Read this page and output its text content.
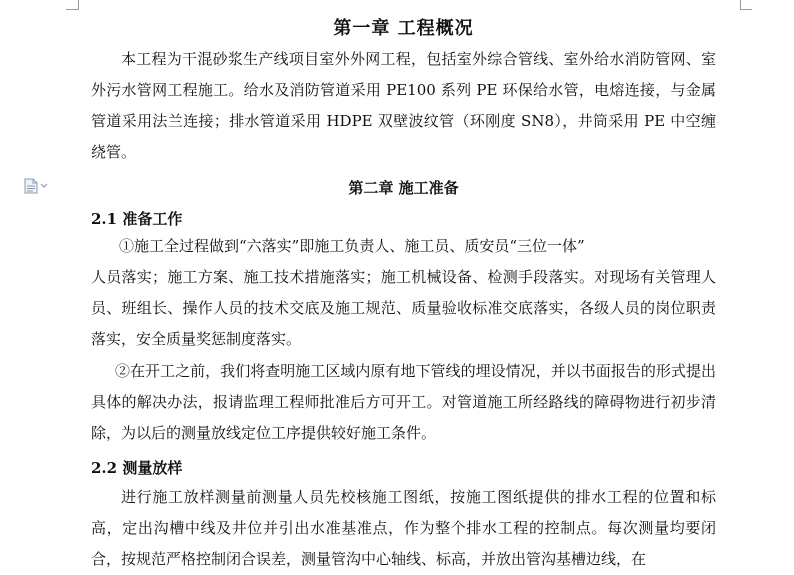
第一章 工程概况

本工程为干混砂浆生产线项目室外外网工程，包括室外综合管线、室外给水消防管网、室外污水管网工程施工。给水及消防管道采用 PE100 系列 PE 环保给水管，电熔连接，与金属管道采用法兰连接；排水管道采用 HDPE 双壁波纹管（环刚度 SN8），井筒采用 PE 中空缠绕管。

第二章 施工准备
2.1 准备工作

①施工全过程做到“六落实”即施工负责人、施工员、质安员“三位一体”

人员落实；施工方案、施工技术措施落实；施工机械设备、检测手段落实。对现场有关管理人员、班组长、操作人员的技术交底及施工规范、质量验收标准交底落实，各级人员的岗位职责落实，安全质量奖惩制度落实。

②在开工之前，我们将查明施工区域内原有地下管线的埋设情况，并以书面报告的形式提出具体的解决办法，报请监理工程师批准后方可开工。对管道施工所经路线的障碍物进行初步清除，为以后的测量放线定位工序提供较好施工条件。

2.2 测量放样

进行施工放样测量前测量人员先校核施工图纸，按施工图纸提供的排水工程的位置和标高，定出沟槽中线及井位并引出水准基准点，作为整个排水工程的控制点。每次测量均要闭合，按规范严格控制闭合误差，测量管沟中心轴线、标高，并放出管沟基槽边线，在
